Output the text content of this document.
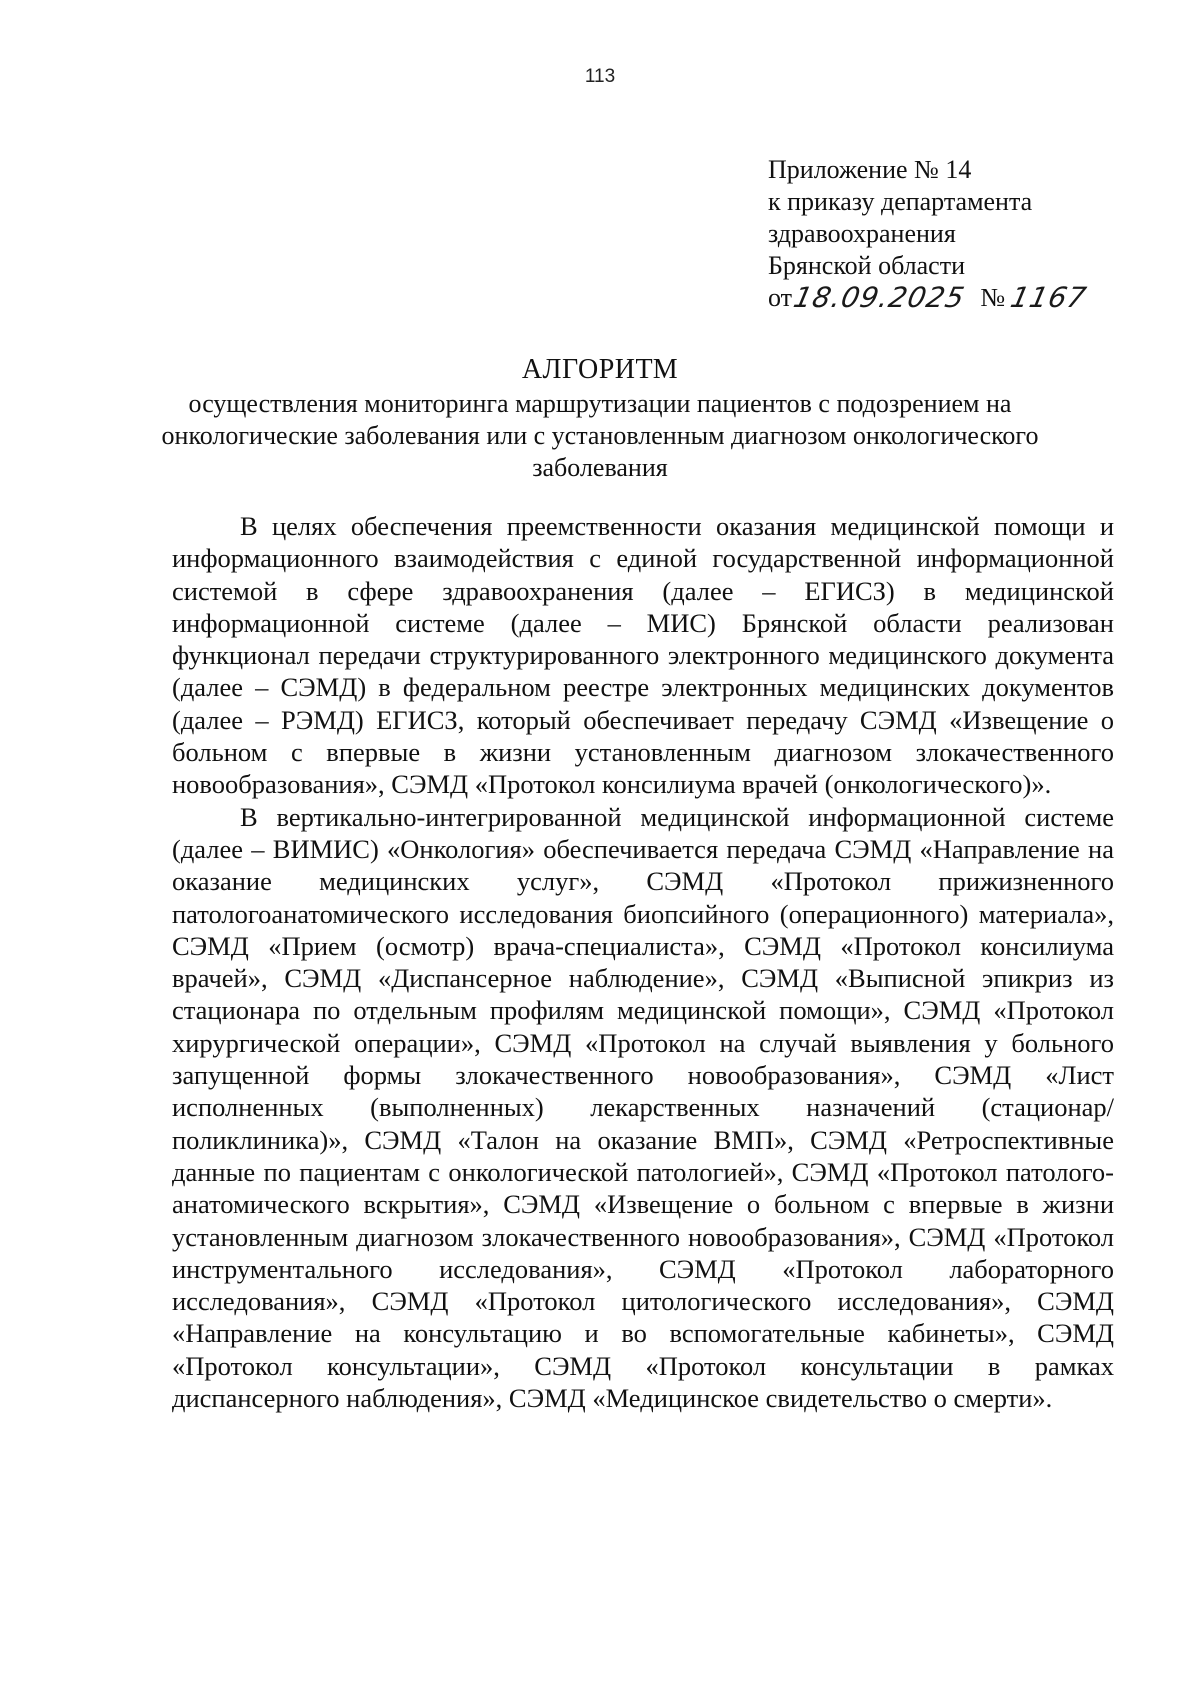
113
Приложение № 14
к приказу департамента
здравоохранения
Брянской области
от
18.09.2025 № 1167
АЛГОРИТМ
осуществления мониторинга маршрутизации пациентов с подозрением на онкологические заболевания или с установленным диагнозом онкологического заболевания

В целях обеспечения преемственности оказания медицинской помощи и информационного взаимодействия с единой государственной информационной системой в сфере здравоохранения (далее – ЕГИСЗ) в медицинской информационной системе (далее – МИС) Брянской области реализован функционал передачи структурированного электронного медицинского документа (далее – СЭМД) в федеральном реестре электронных медицинских документов (далее – РЭМД) ЕГИСЗ, который обеспечивает передачу СЭМД «Извещение о больном с впервые в жизни установленным диагнозом злокачественного новообразования», СЭМД «Протокол консилиума врачей (онкологического)».

В вертикально-интегрированной медицинской информационной системе (далее – ВИМИС) «Онкология» обеспечивается передача СЭМД «Направление на оказание медицинских услуг», СЭМД «Протокол прижизненного патологоанатомического исследования биопсийного (операционного) материала», СЭМД «Прием (осмотр) врача-специалиста», СЭМД «Протокол консилиума врачей», СЭМД «Диспансерное наблюдение», СЭМД «Выписной эпикриз из стационара по отдельным профилям медицинской помощи», СЭМД «Протокол хирургической операции», СЭМД «Протокол на случай выявления у больного запущенной формы злокачественного новообразования», СЭМД «Лист исполненных (выполненных) лекарственных назначений (стационар/поликлиника)», СЭМД «Талон на оказание ВМП», СЭМД «Ретроспективные данные по пациентам с онкологической патологией», СЭМД «Протокол патолого-анатомического вскрытия», СЭМД «Извещение о больном с впервые в жизни установленным диагнозом злокачественного новообразования», СЭМД «Протокол инструментального исследования», СЭМД «Протокол лабораторного исследования», СЭМД «Протокол цитологического исследования», СЭМД «Направление на консультацию и во вспомогательные кабинеты», СЭМД «Протокол консультации», СЭМД «Протокол консультации в рамках диспансерного наблюдения», СЭМД «Медицинское свидетельство о смерти».
